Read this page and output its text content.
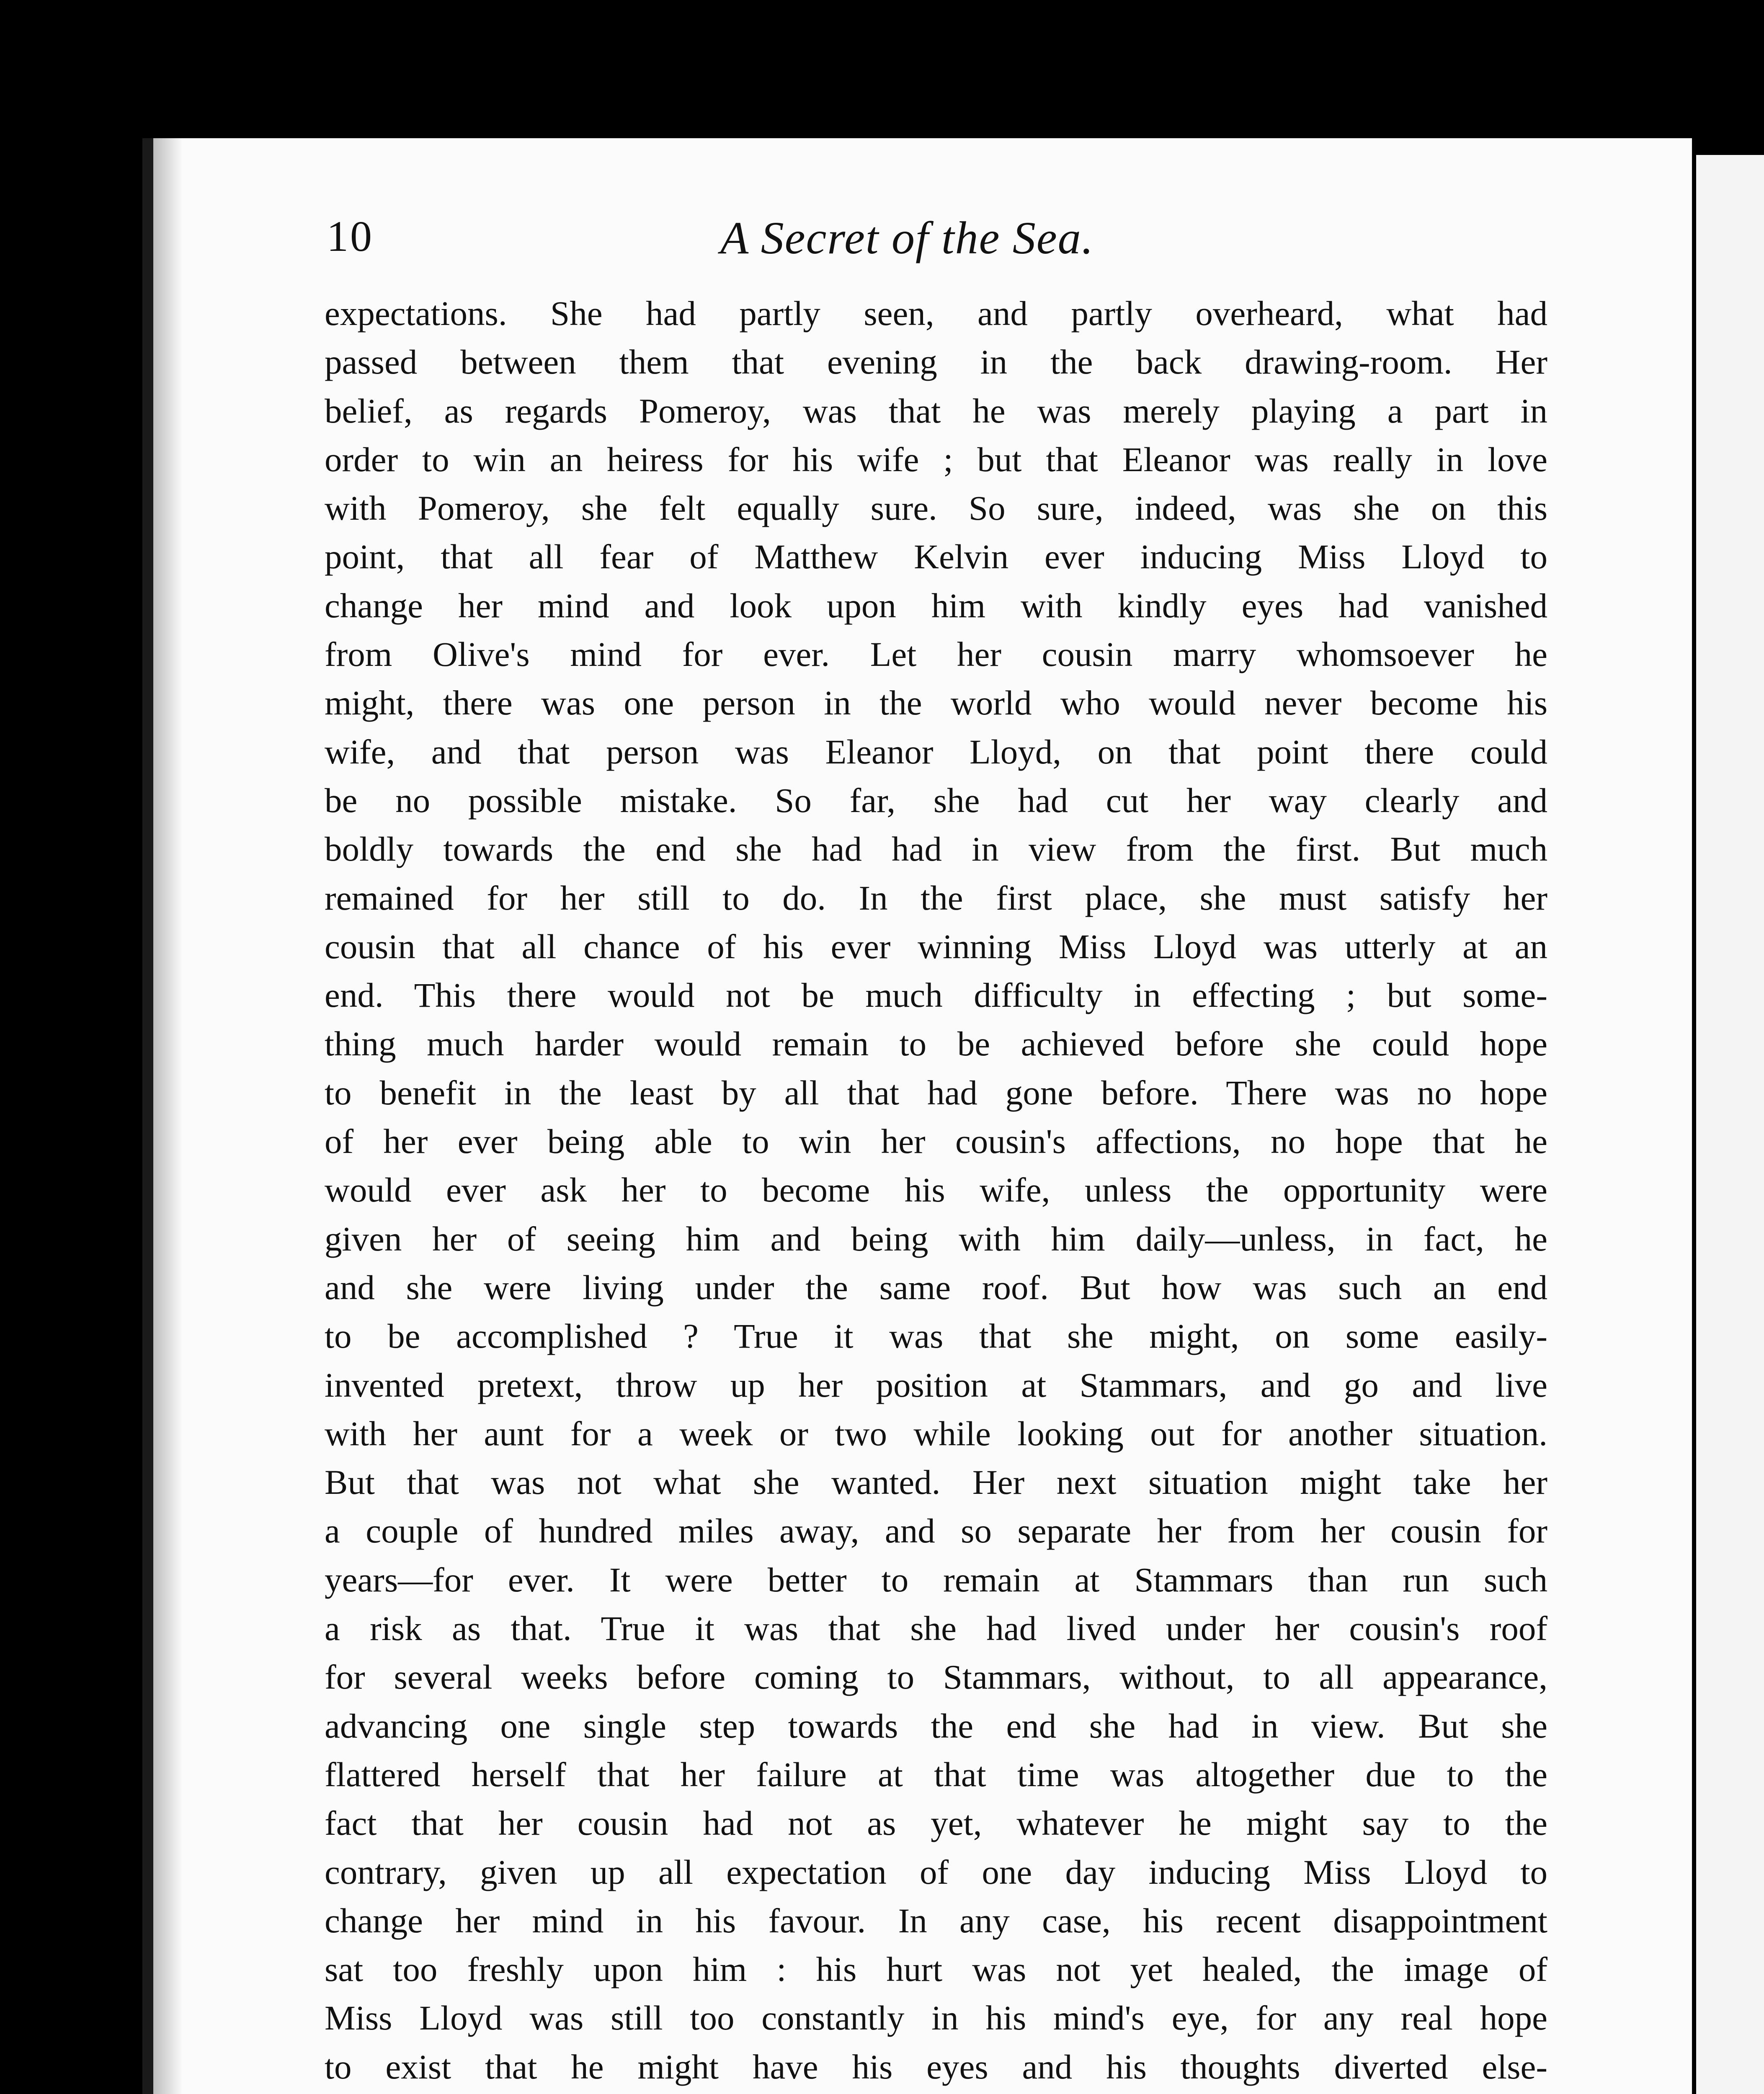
10	A Secret of the Sea.
expectations. She had partly seen, and partly overheard, what had
passed between them that evening in the back drawing-room. Her
belief, as regards Pomeroy, was that he was merely playing a part in
order to win an heiress for his wife ; but that Eleanor was really in love
with Pomeroy, she felt equally sure. So sure, indeed, was she on this
point, that all fear of Matthew Kelvin ever inducing Miss Lloyd to
change her mind and look upon him with kindly eyes had vanished
from Olive's mind for ever. Let her cousin marry whomsoever he
might, there was one person in the world who would never become his
wife, and that person was Eleanor Lloyd, on that point there could
be no possible mistake. So far, she had cut her way clearly and
boldly towards the end she had had in view from the first. But much
remained for her still to do. In the first place, she must satisfy her
cousin that all chance of his ever winning Miss Lloyd was utterly at an
end. This there would not be much difficulty in effecting ; but some-
thing much harder would remain to be achieved before she could hope
to benefit in the least by all that had gone before. There was no hope
of her ever being able to win her cousin's affections, no hope that he
would ever ask her to become his wife, unless the opportunity were
given her of seeing him and being with him daily—unless, in fact, he
and she were living under the same roof. But how was such an end
to be accomplished ? True it was that she might, on some easily-
invented pretext, throw up her position at Stammars, and go and live
with her aunt for a week or two while looking out for another situation.
But that was not what she wanted. Her next situation might take her
a couple of hundred miles away, and so separate her from her cousin for
years—for ever. It were better to remain at Stammars than run such
a risk as that. True it was that she had lived under her cousin's roof
for several weeks before coming to Stammars, without, to all appearance,
advancing one single step towards the end she had in view. But she
flattered herself that her failure at that time was altogether due to the
fact that her cousin had not as yet, whatever he might say to the
contrary, given up all expectation of one day inducing Miss Lloyd to
change her mind in his favour. In any case, his recent disappointment
sat too freshly upon him : his hurt was not yet healed, the image of
Miss Lloyd was still too constantly in his mind's eye, for any real hope
to exist that he might have his eyes and his thoughts diverted else-
